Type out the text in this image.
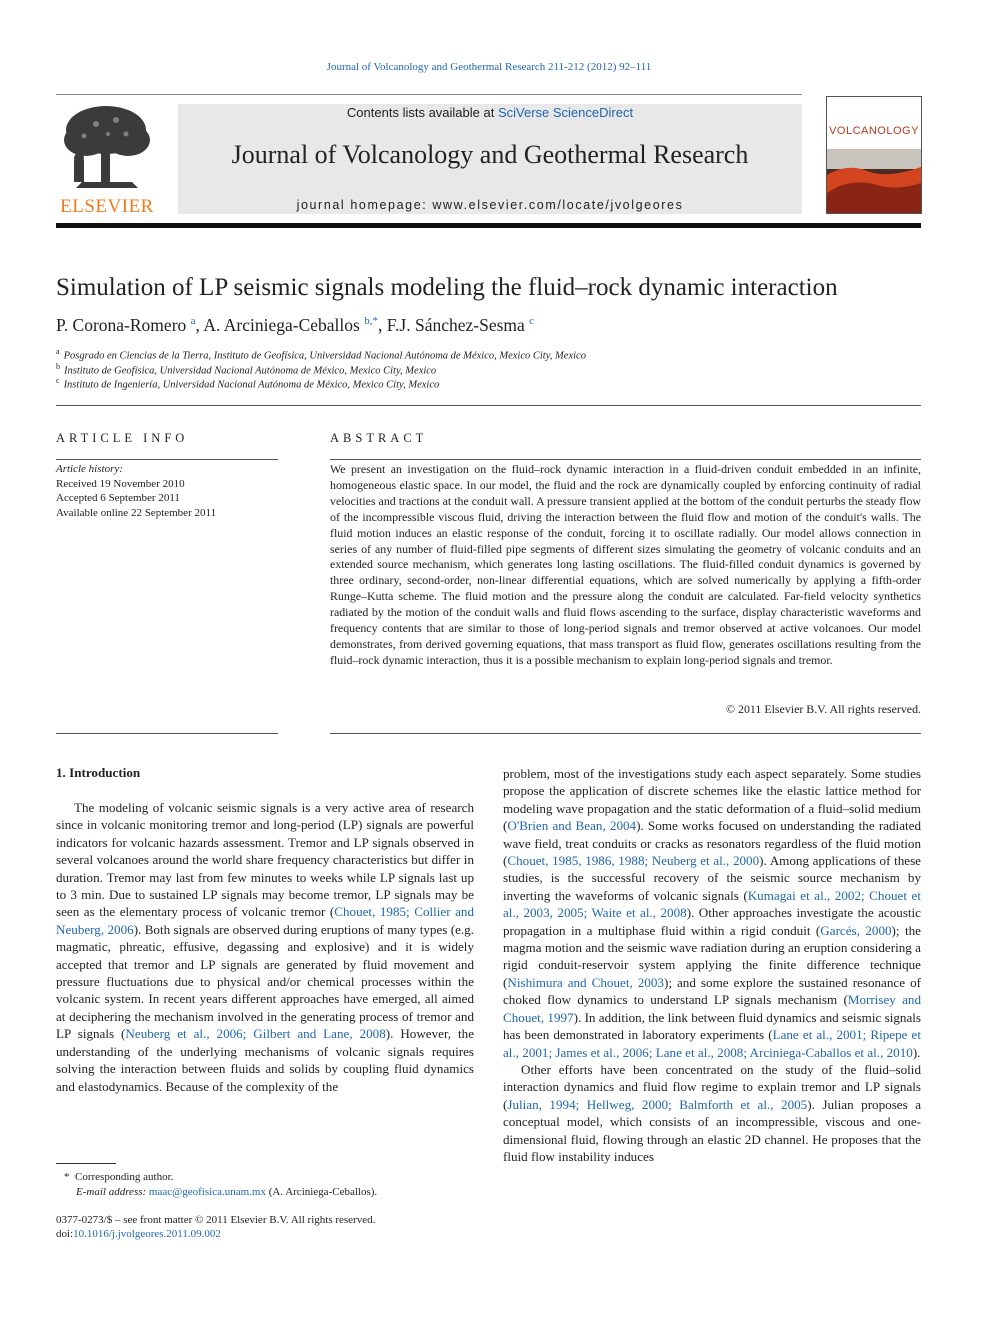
Journal of Volcanology and Geothermal Research 211-212 (2012) 92–111
ELSEVIER
Contents lists available at SciVerse ScienceDirect
Journal of Volcanology and Geothermal Research
journal homepage: www.elsevier.com/locate/jvolgeores
VOLCANOLOGY
Simulation of LP seismic signals modeling the fluid–rock dynamic interaction
P. Corona-Romero $^a$, A. Arciniega-Ceballos $^{b,*}$, F.J. Sánchez-Sesma $^c$
$^a$ Posgrado en Ciencias de la Tierra, Instituto de Geofísica, Universidad Nacional Autónoma de México, Mexico City, Mexico
$^b$ Instituto de Geofísica, Universidad Nacional Autónoma de México, Mexico City, Mexico
$^c$ Instituto de Ingeniería, Universidad Nacional Autónoma de México, Mexico City, Mexico
ARTICLE INFO	ABSTRACT
Article history:
Received 19 November 2010
Accepted 6 September 2011
Available online 22 September 2011
We present an investigation on the fluid–rock dynamic interaction in a fluid-driven conduit embedded in an infinite, homogeneous elastic space. In our model, the fluid and the rock are dynamically coupled by enforcing continuity of radial velocities and tractions at the conduit wall. A pressure transient applied at the bottom of the conduit perturbs the steady flow of the incompressible viscous fluid, driving the interaction between the fluid flow and motion of the conduit's walls. The fluid motion induces an elastic response of the conduit, forcing it to oscillate radially. Our model allows connection in series of any number of fluid-filled pipe segments of different sizes simulating the geometry of volcanic conduits and an extended source mechanism, which generates long lasting oscillations. The fluid-filled conduit dynamics is governed by three ordinary, second-order, non-linear differential equations, which are solved numerically by applying a fifth-order Runge–Kutta scheme. The fluid motion and the pressure along the conduit are calculated. Far-field velocity synthetics radiated by the motion of the conduit walls and fluid flows ascending to the surface, display characteristic waveforms and frequency contents that are similar to those of long-period signals and tremor observed at active volcanoes. Our model demonstrates, from derived governing equations, that mass transport as fluid flow, generates oscillations resulting from the fluid–rock dynamic interaction, thus it is a possible mechanism to explain long-period signals and tremor.
© 2011 Elsevier B.V. All rights reserved.
1. Introduction
The modeling of volcanic seismic signals is a very active area of research since in volcanic monitoring tremor and long-period (LP) signals are powerful indicators for volcanic hazards assessment. Tremor and LP signals observed in several volcanoes around the world share frequency characteristics but differ in duration. Tremor may last from few minutes to weeks while LP signals last up to 3 min. Due to sustained LP signals may become tremor, LP signals may be seen as the elementary process of volcanic tremor (Chouet, 1985; Collier and Neuberg, 2006). Both signals are observed during eruptions of many types (e.g. magmatic, phreatic, effusive, degassing and explosive) and it is widely accepted that tremor and LP signals are generated by fluid movement and pressure fluctuations due to physical and/or chemical processes within the volcanic system. In recent years different approaches have emerged, all aimed at deciphering the mechanism involved in the generating process of tremor and LP signals (Neuberg et al., 2006; Gilbert and Lane, 2008). However, the understanding of the underlying mechanisms of volcanic signals requires solving the interaction between fluids and solids by coupling fluid dynamics and elastodynamics. Because of the complexity of the

problem, most of the investigations study each aspect separately. Some studies propose the application of discrete schemes like the elastic lattice method for modeling wave propagation and the static deformation of a fluid–solid medium (O'Brien and Bean, 2004). Some works focused on understanding the radiated wave field, treat conduits or cracks as resonators regardless of the fluid motion (Chouet, 1985, 1986, 1988; Neuberg et al., 2000). Among applications of these studies, is the successful recovery of the seismic source mechanism by inverting the waveforms of volcanic signals (Kumagai et al., 2002; Chouet et al., 2003, 2005; Waite et al., 2008). Other approaches investigate the acoustic propagation in a multiphase fluid within a rigid conduit (Garcés, 2000); the magma motion and the seismic wave radiation during an eruption considering a rigid conduit-reservoir system applying the finite difference technique (Nishimura and Chouet, 2003); and some explore the sustained resonance of choked flow dynamics to understand LP signals mechanism (Morrisey and Chouet, 1997). In addition, the link between fluid dynamics and seismic signals has been demonstrated in laboratory experiments (Lane et al., 2001; Ripepe et al., 2001; James et al., 2006; Lane et al., 2008; Arciniega-Caballos et al., 2010).

Other efforts have been concentrated on the study of the fluid–solid interaction dynamics and fluid flow regime to explain tremor and LP signals (Julian, 1994; Hellweg, 2000; Balmforth et al., 2005). Julian proposes a conceptual model, which consists of an incompressible, viscous and one-dimensional fluid, flowing through an elastic 2D channel. He proposes that the fluid flow instability induces

*  Corresponding author.
E-mail address: maac@geofisica.unam.mx (A. Arciniega-Ceballos).
0377-0273/$ – see front matter © 2011 Elsevier B.V. All rights reserved.
doi:10.1016/j.jvolgeores.2011.09.002
